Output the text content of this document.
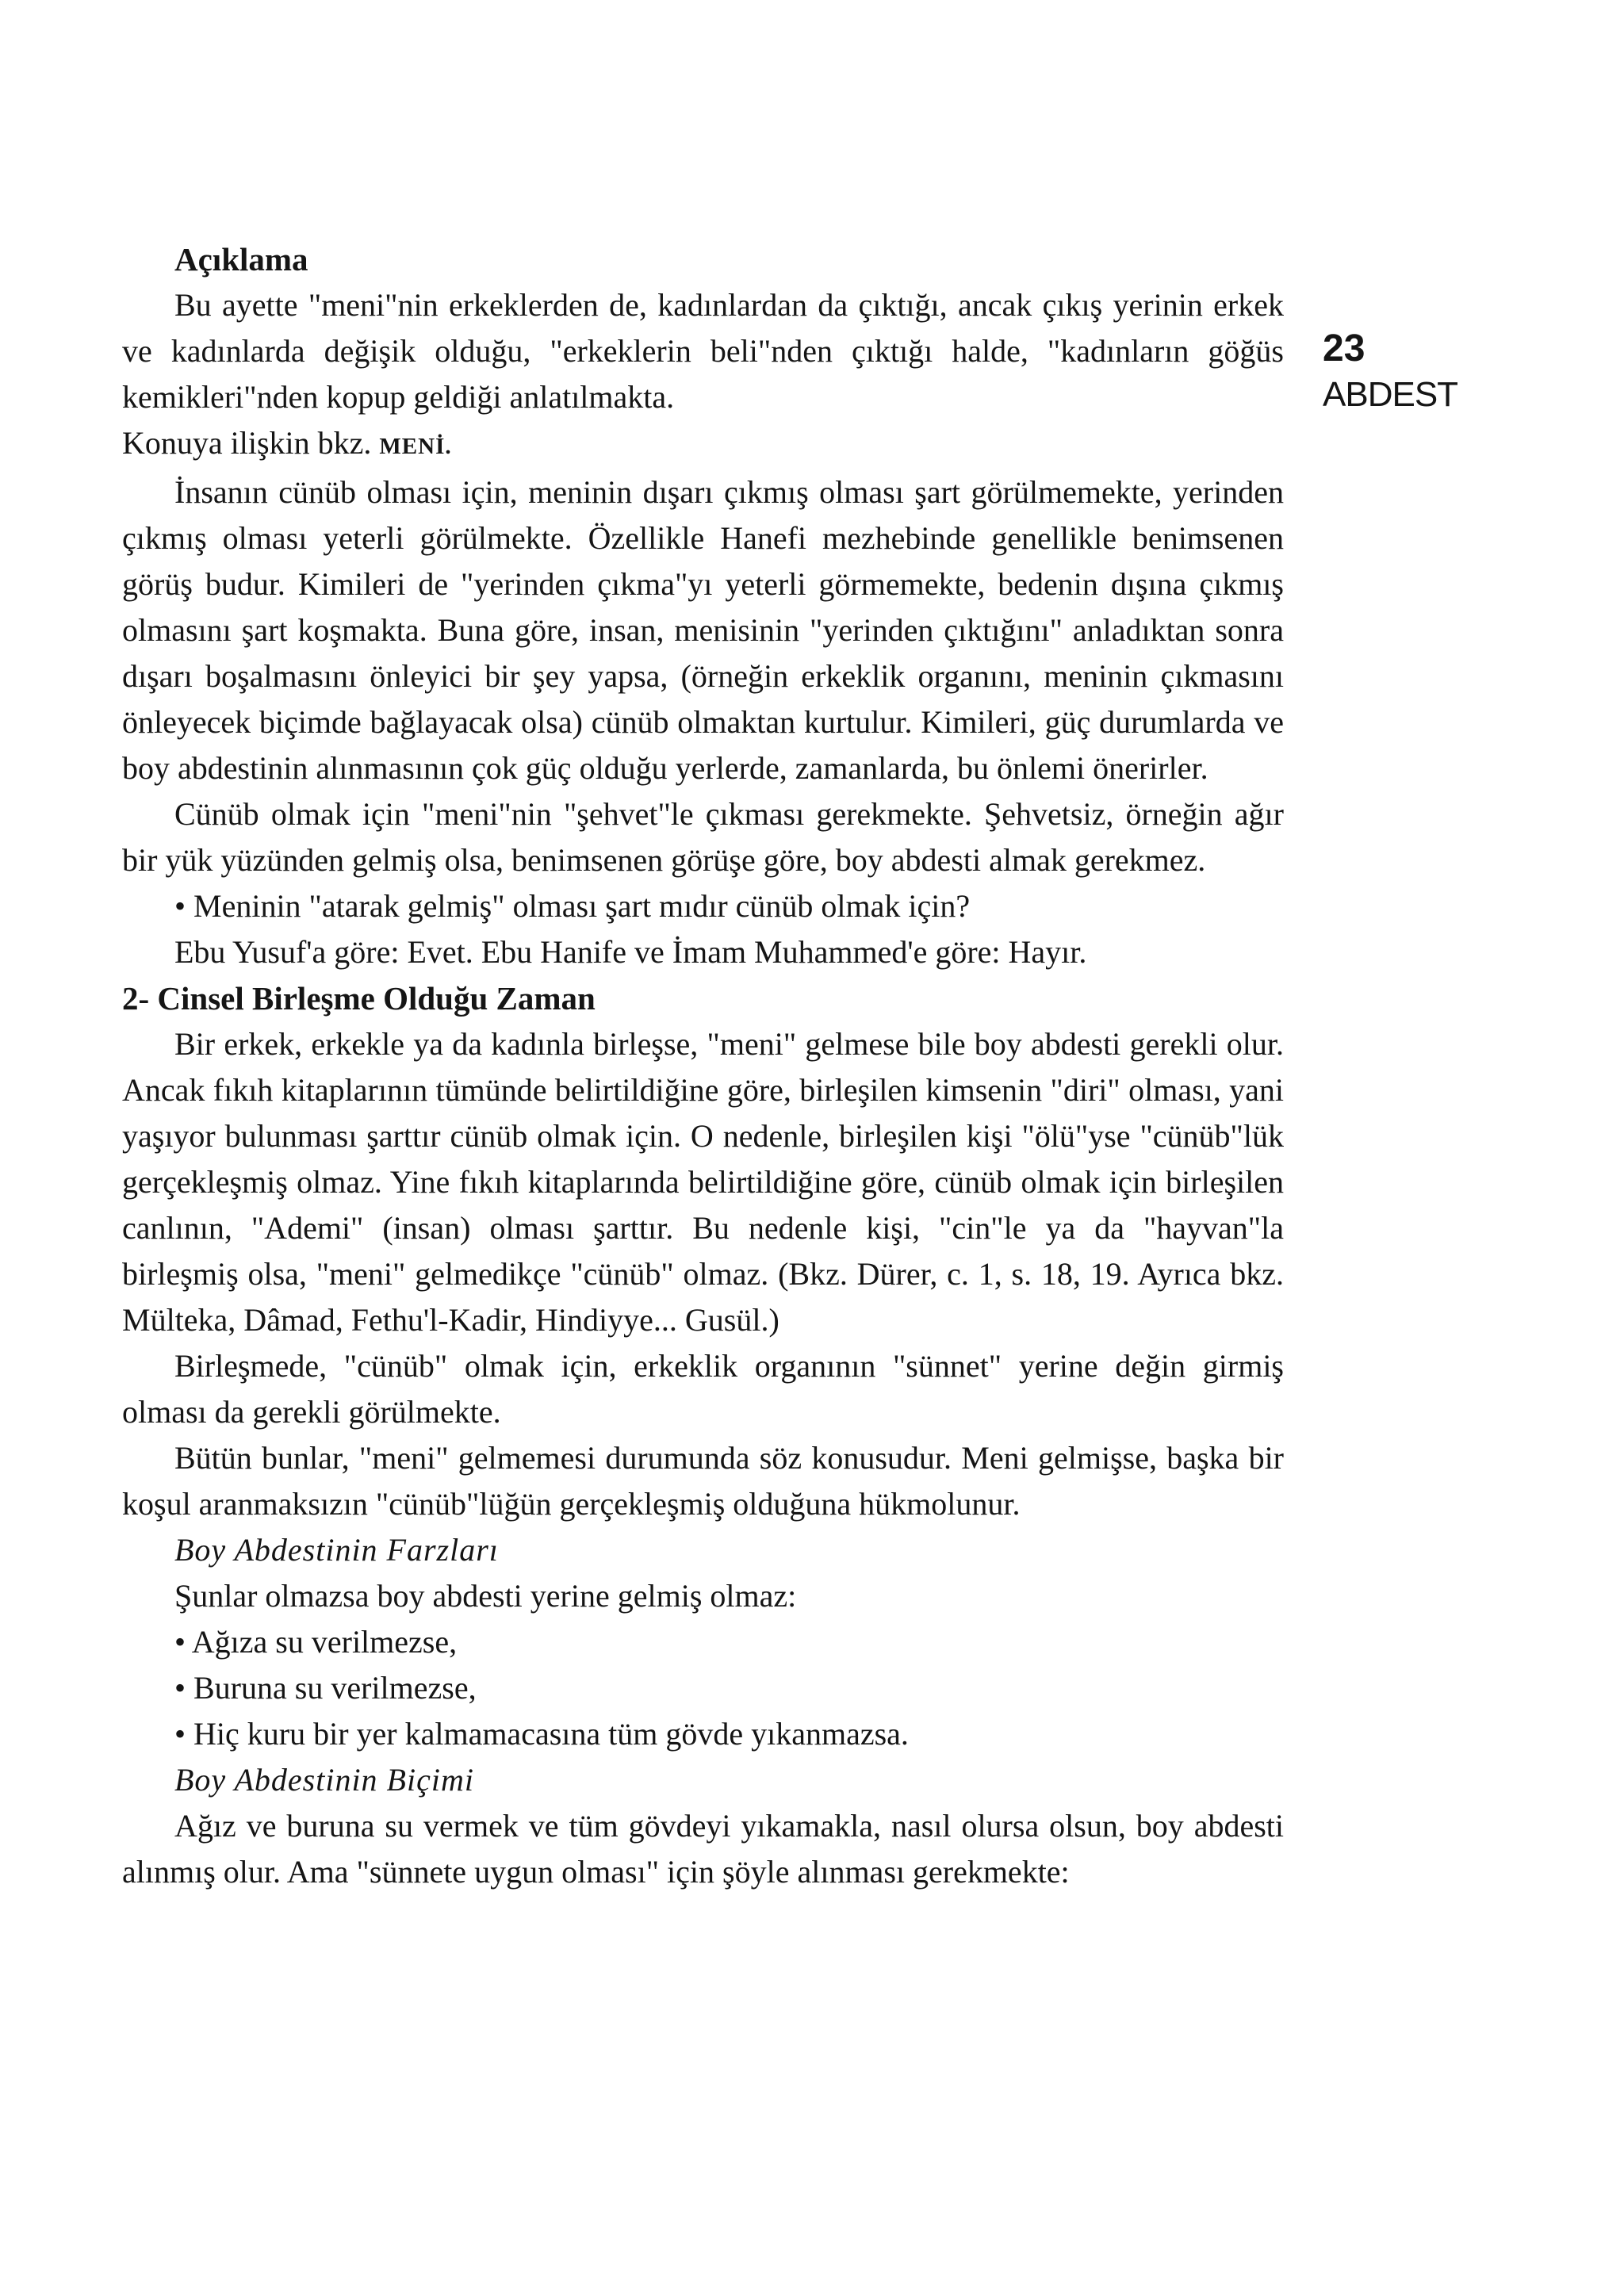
23
ABDEST

Açıklama

Bu ayette "meni"nin erkeklerden de, kadınlardan da çıktığı, ancak çıkış yerinin erkek ve kadınlarda değişik olduğu, "erkeklerin beli"nden çıktığı halde, "kadınların göğüs kemikleri"nden kopup geldiği anlatılmakta.

Konuya ilişkin bkz. MENİ.

İnsanın cünüb olması için, meninin dışarı çıkmış olması şart görülmemekte, yerinden çıkmış olması yeterli görülmekte. Özellikle Hanefi mezhebinde genellikle benimsenen görüş budur. Kimileri de "yerinden çıkma"yı yeterli görmemekte, bedenin dışına çıkmış olmasını şart koşmakta. Buna göre, insan, menisinin "yerinden çıktığını" anladıktan sonra dışarı boşalmasını önleyici bir şey yapsa, (örneğin erkeklik organını, meninin çıkmasını önleyecek biçimde bağlayacak olsa) cünüb olmaktan kurtulur. Kimileri, güç durumlarda ve boy abdestinin alınmasının çok güç olduğu yerlerde, zamanlarda, bu önlemi önerirler.

Cünüb olmak için "meni"nin "şehvet"le çıkması gerekmekte. Şehvetsiz, örneğin ağır bir yük yüzünden gelmiş olsa, benimsenen görüşe göre, boy abdesti almak gerekmez.

• Meninin "atarak gelmiş" olması şart mıdır cünüb olmak için?

Ebu Yusuf'a göre: Evet. Ebu Hanife ve İmam Muhammed'e göre: Hayır.

2- Cinsel Birleşme Olduğu Zaman

Bir erkek, erkekle ya da kadınla birleşse, "meni" gelmese bile boy abdesti gerekli olur. Ancak fıkıh kitaplarının tümünde belirtildiğine göre, birleşilen kimsenin "diri" olması, yani yaşıyor bulunması şarttır cünüb olmak için. O nedenle, birleşilen kişi "ölü"yse "cünüb"lük gerçekleşmiş olmaz. Yine fıkıh kitaplarında belirtildiğine göre, cünüb olmak için birleşilen canlının, "Ademi" (insan) olması şarttır. Bu nedenle kişi, "cin"le ya da "hayvan"la birleşmiş olsa, "meni" gelmedikçe "cünüb" olmaz. (Bkz. Dürer, c. 1, s. 18, 19. Ayrıca bkz. Mülteka, Dâmad, Fethu'l-Kadir, Hindiyye... Gusül.)

Birleşmede, "cünüb" olmak için, erkeklik organının "sünnet" yerine değin girmiş olması da gerekli görülmekte.

Bütün bunlar, "meni" gelmemesi durumunda söz konusudur. Meni gelmişse, başka bir koşul aranmaksızın "cünüb"lüğün gerçekleşmiş olduğuna hükmolunur.

Boy Abdestinin Farzları

Şunlar olmazsa boy abdesti yerine gelmiş olmaz:

• Ağıza su verilmezse,

• Buruna su verilmezse,

• Hiç kuru bir yer kalmamacasına tüm gövde yıkanmazsa.

Boy Abdestinin Biçimi

Ağız ve buruna su vermek ve tüm gövdeyi yıkamakla, nasıl olursa olsun, boy abdesti alınmış olur. Ama "sünnete uygun olması" için şöyle alınması gerekmekte:
